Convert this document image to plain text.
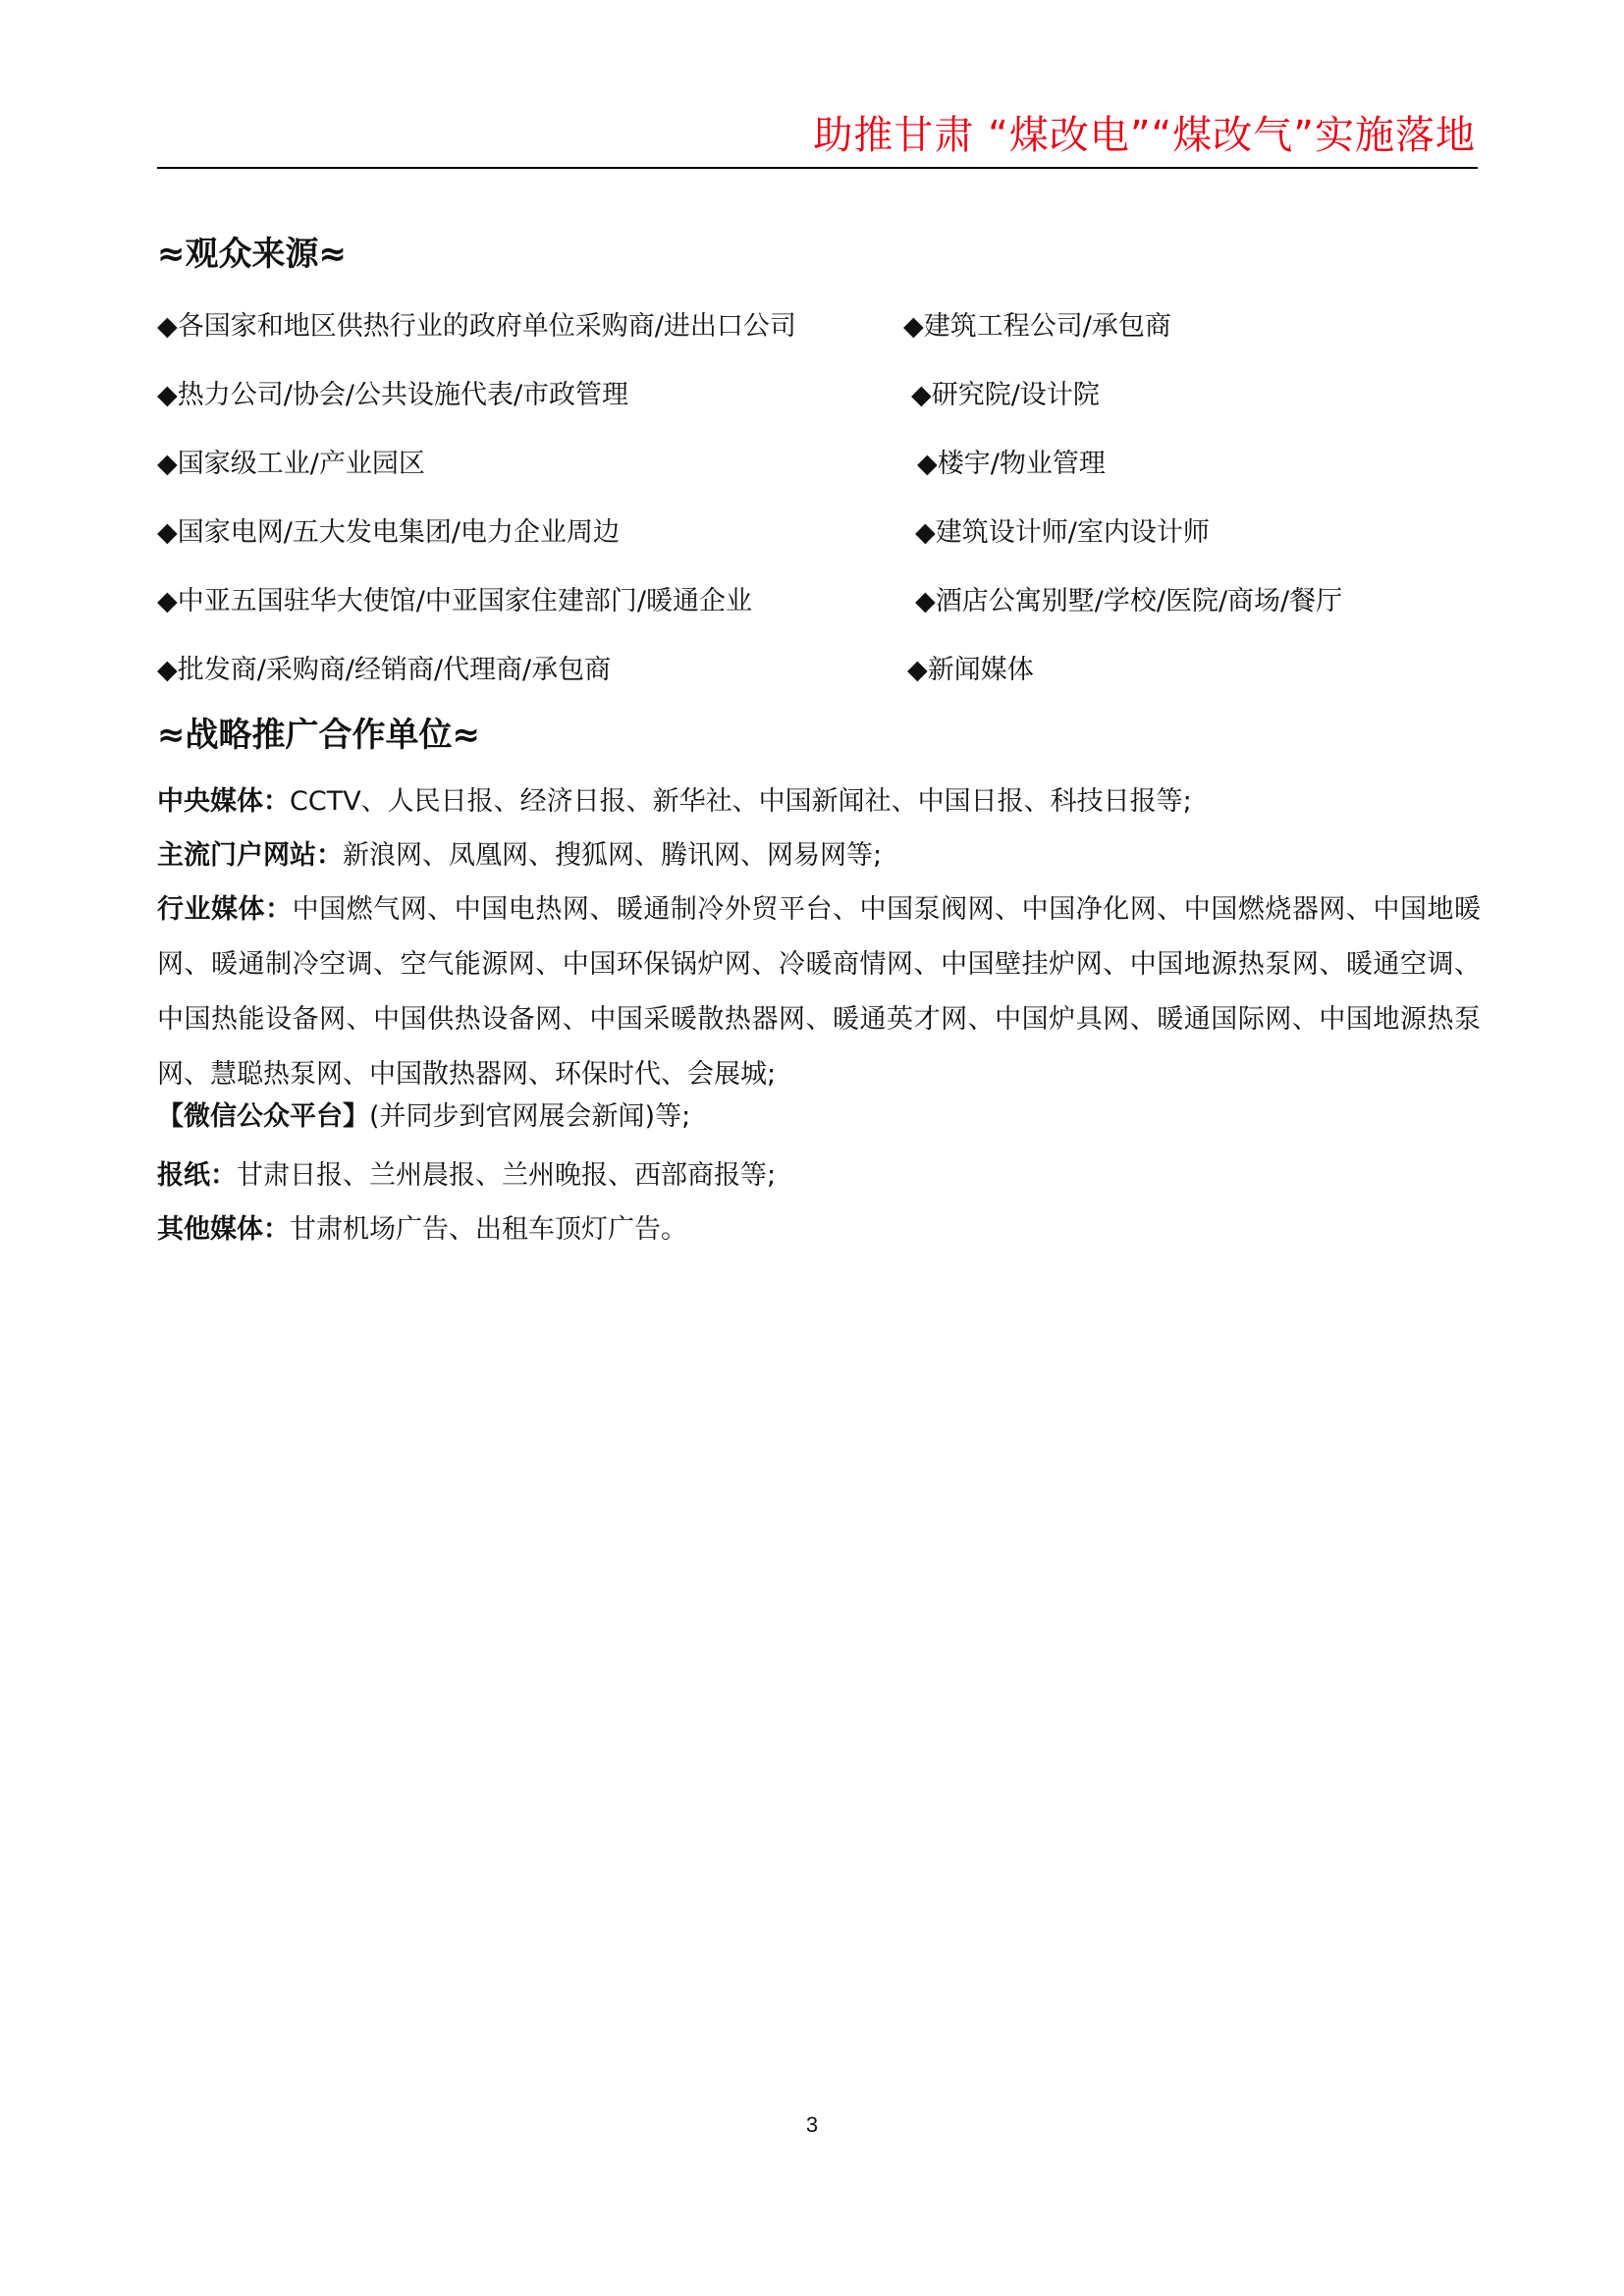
助推甘肃 “煤改电”“煤改气”实施落地
≈观众来源≈
◆各国家和地区供热行业的政府单位采购商/进出口公司	◆建筑工程公司/承包商
◆热力公司/协会/公共设施代表/市政管理	◆研究院/设计院
◆国家级工业/产业园区	◆楼宇/物业管理
◆国家电网/五大发电集团/电力企业周边	◆建筑设计师/室内设计师
◆中亚五国驻华大使馆/中亚国家住建部门/暖通企业	◆酒店公寓别墅/学校/医院/商场/餐厅
◆批发商/采购商/经销商/代理商/承包商	◆新闻媒体
≈战略推广合作单位≈
中央媒体：CCTV、人民日报、经济日报、新华社、中国新闻社、中国日报、科技日报等;
主流门户网站：新浪网、凤凰网、搜狐网、腾讯网、网易网等;
行业媒体：中国燃气网、中国电热网、暖通制冷外贸平台、中国泵阀网、中国净化网、中国燃烧器网、中国地暖网、暖通制冷空调、空气能源网、中国环保锅炉网、冷暖商情网、中国壁挂炉网、中国地源热泵网、暖通空调、中国热能设备网、中国供热设备网、中国采暖散热器网、暖通英才网、中国炉具网、暖通国际网、中国地源热泵网、慧聪热泵网、中国散热器网、环保时代、会展城;
【微信公众平台】(并同步到官网展会新闻)等;
报纸：甘肃日报、兰州晨报、兰州晚报、西部商报等;
其他媒体：甘肃机场广告、出租车顶灯广告。
3
